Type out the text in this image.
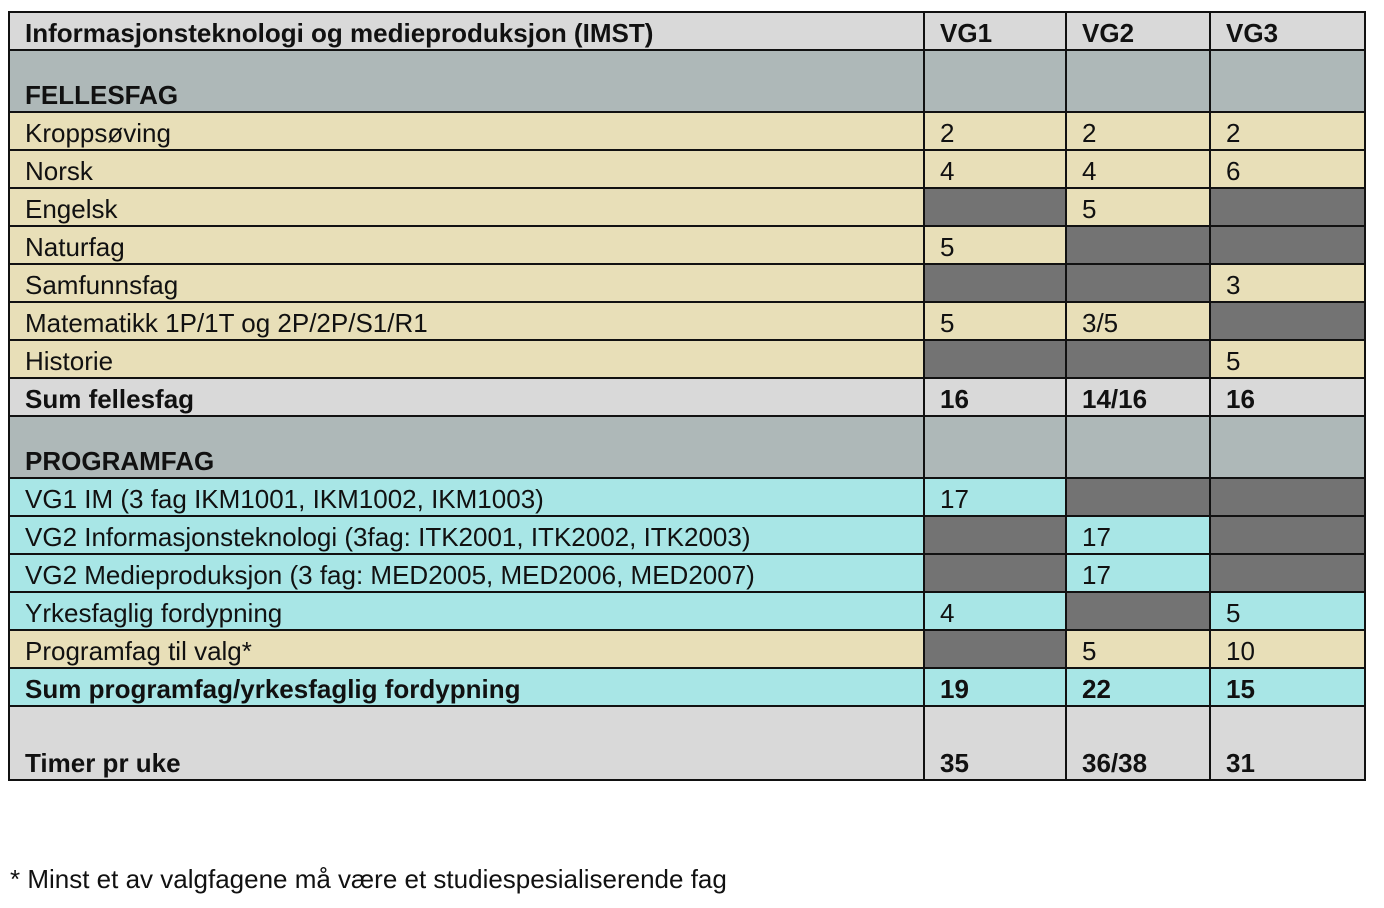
Informasjonsteknologi og medieproduksjon (IMST)	VG1	VG2	VG3
FELLESFAG			
Kroppsøving	2	2	2
Norsk	4	4	6
Engelsk		5	
Naturfag	5		
Samfunnsfag			3
Matematikk 1P/1T og 2P/2P/S1/R1	5	3/5	
Historie			5
Sum fellesfag	16	14/16	16
PROGRAMFAG			
VG1 IM (3 fag IKM1001, IKM1002, IKM1003)	17		
VG2 Informasjonsteknologi (3fag: ITK2001, ITK2002, ITK2003)		17	
VG2 Medieproduksjon (3 fag: MED2005, MED2006, MED2007)		17	
Yrkesfaglig fordypning	4		5
Programfag til valg*		5	10
Sum programfag/yrkesfaglig fordypning	19	22	15
Timer pr uke	35	36/38	31
* Minst et av valgfagene må være et studiespesialiserende fag
